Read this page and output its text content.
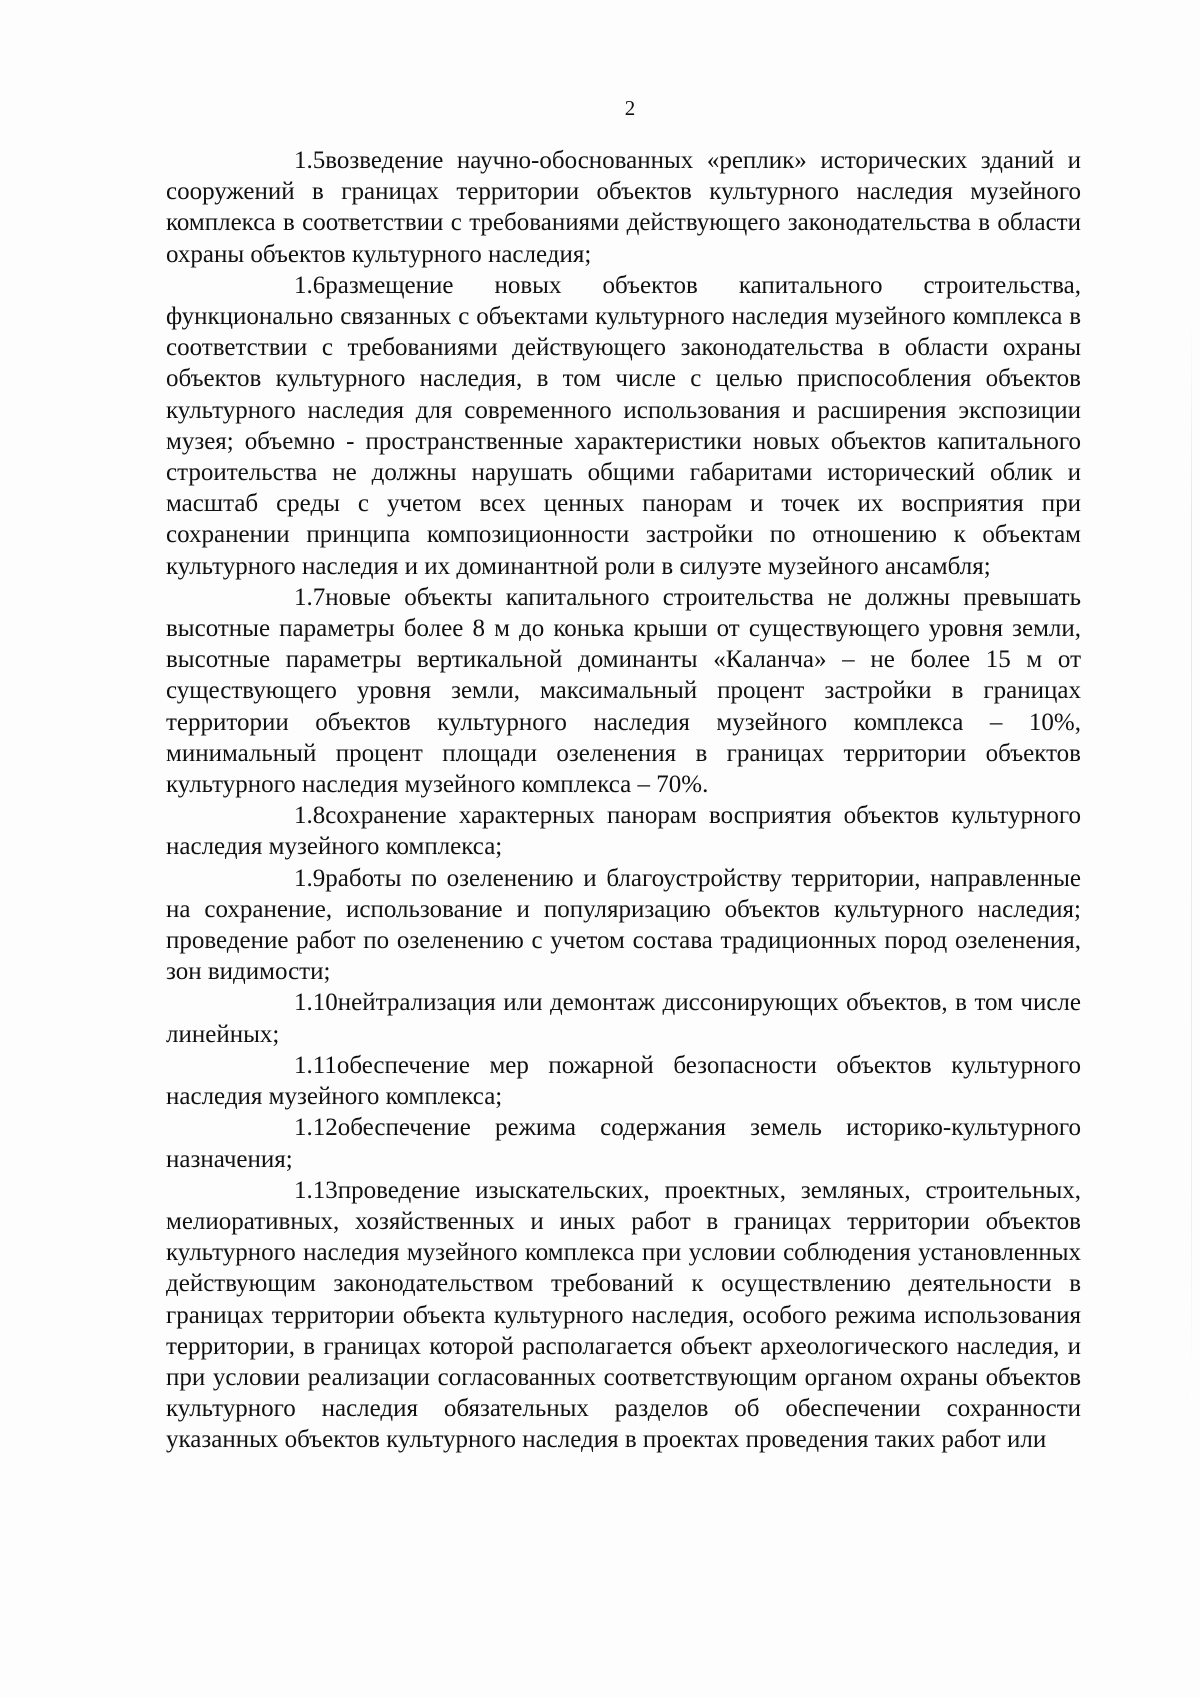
2

1.5возведение научно-обоснованных «реплик» исторических зданий и сооружений в границах территории объектов культурного наследия музейного комплекса в соответствии с требованиями действующего законодательства в области охраны объектов культурного наследия;

1.6размещение новых объектов капитального строительства, функционально связанных с объектами культурного наследия музейного комплекса в соответствии с требованиями действующего законодательства в области охраны объектов культурного наследия, в том числе с целью приспособления объектов культурного наследия для современного использования и расширения экспозиции музея; объемно - пространственные характеристики новых объектов капитального строительства не должны нарушать общими габаритами исторический облик и масштаб среды с учетом всех ценных панорам и точек их восприятия при сохранении принципа композиционности застройки по отношению к объектам культурного наследия и их доминантной роли в силуэте музейного ансамбля;

1.7новые объекты капитального строительства не должны превышать высотные параметры более 8 м до конька крыши от существующего уровня земли, высотные параметры вертикальной доминанты «Каланча» – не более 15 м от существующего уровня земли, максимальный процент застройки в границах территории объектов культурного наследия музейного комплекса – 10%, минимальный процент площади озеленения в границах территории объектов культурного наследия музейного комплекса – 70%.

1.8сохранение характерных панорам восприятия объектов культурного наследия музейного комплекса;

1.9работы по озеленению и благоустройству территории, направленные на сохранение, использование и популяризацию объектов культурного наследия; проведение работ по озеленению с учетом состава традиционных пород озеленения, зон видимости;

1.10нейтрализация или демонтаж диссонирующих объектов, в том числе линейных;

1.11обеспечение мер пожарной безопасности объектов культурного наследия музейного комплекса;

1.12обеспечение режима содержания земель историко-культурного назначения;

1.13проведение изыскательских, проектных, земляных, строительных, мелиоративных, хозяйственных и иных работ в границах территории объектов культурного наследия музейного комплекса при условии соблюдения установленных действующим законодательством требований к осуществлению деятельности в границах территории объекта культурного наследия, особого режима использования территории, в границах которой располагается объект археологического наследия, и при условии реализации согласованных соответствующим органом охраны объектов культурного наследия обязательных разделов об обеспечении сохранности указанных объектов культурного наследия в проектах проведения таких работ или
